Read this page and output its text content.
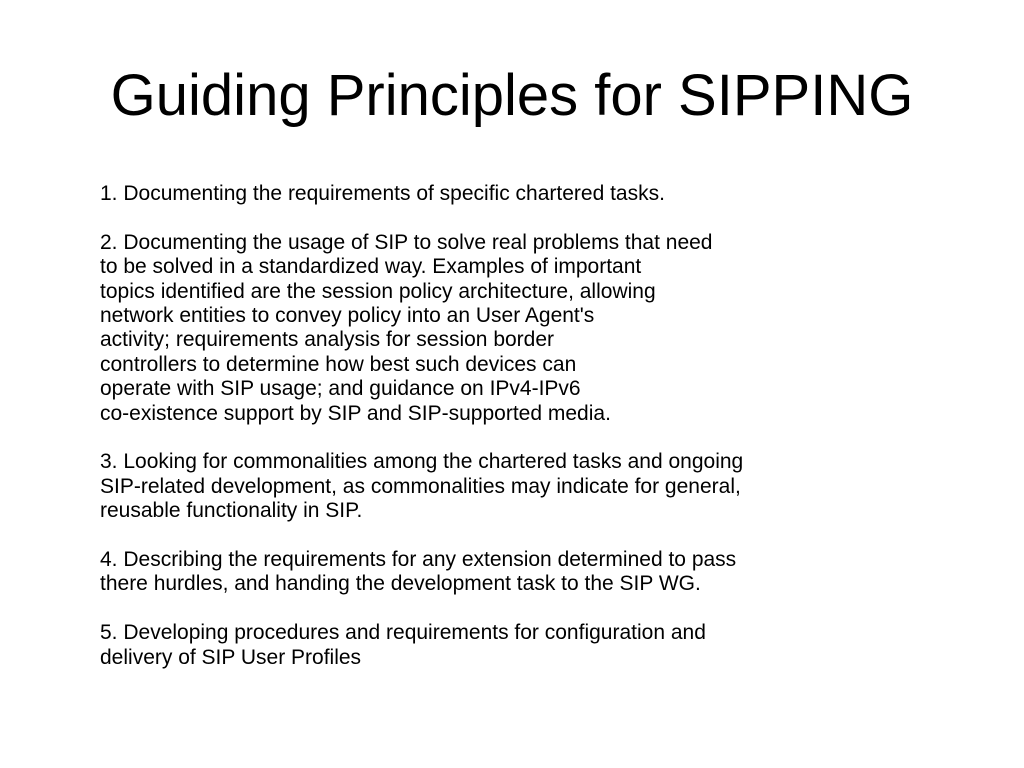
Guiding Principles for SIPPING
1. Documenting the requirements of specific chartered tasks.
2. Documenting the usage of SIP to solve real problems that need
to be solved in a standardized way. Examples of important
topics identified are the session policy architecture, allowing
network entities to convey policy into an User Agent's
activity; requirements analysis for session border
controllers to determine how best such devices can
operate with SIP usage; and guidance on IPv4-IPv6
co-existence support by SIP and SIP-supported media.
3. Looking for commonalities among the chartered tasks and ongoing
SIP-related development, as commonalities may indicate for general,
reusable functionality in SIP.
4. Describing the requirements for any extension determined to pass
there hurdles, and handing the development task to the SIP WG.
5. Developing procedures and requirements for configuration and
delivery of SIP User Profiles
